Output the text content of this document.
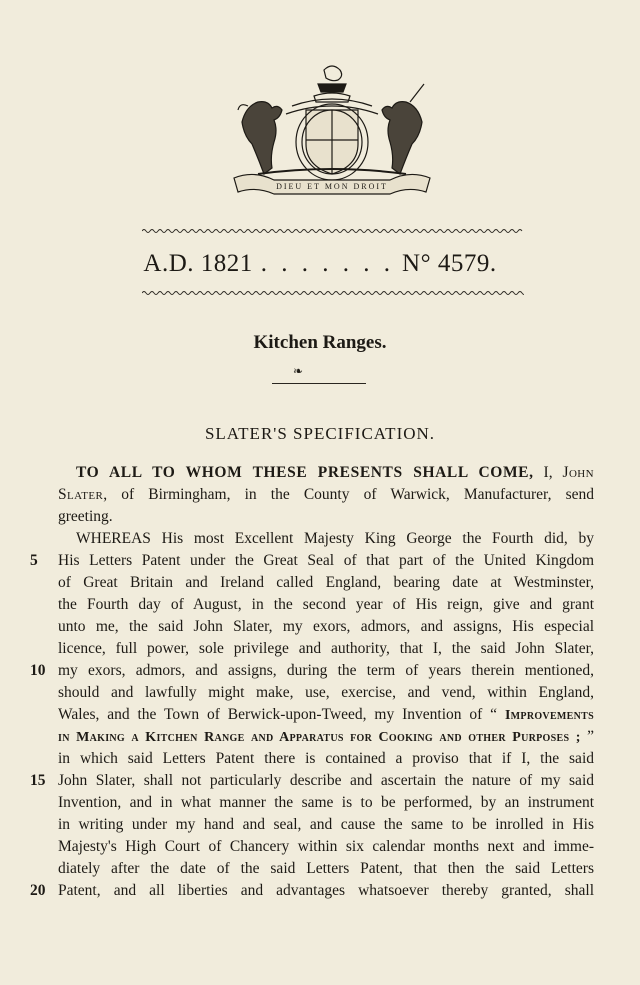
DIEU ET MON DROIT
A.D. 1821 . . . . . . . N° 4579.
Kitchen Ranges.
❧
SLATER'S SPECIFICATION.
5
10
15
20
TO ALL TO WHOM THESE PRESENTS SHALL COME, I, John
Slater, of Birmingham, in the County of Warwick, Manufacturer, send
greeting.
WHEREAS His most Excellent Majesty King George the Fourth did, by
His Letters Patent under the Great Seal of that part of the United Kingdom
of Great Britain and Ireland called England, bearing date at Westminster,
the Fourth day of August, in the second year of His reign, give and grant
unto me, the said John Slater, my exors, admors, and assigns, His especial
licence, full power, sole privilege and authority, that I, the said John Slater,
my exors, admors, and assigns, during the term of years therein mentioned,
should and lawfully might make, use, exercise, and vend, within England,
Wales, and the Town of Berwick-upon-Tweed, my Invention of “ Improvements
in Making a Kitchen Range and Apparatus for Cooking and other Purposes ; ”
in which said Letters Patent there is contained a proviso that if I, the said
John Slater, shall not particularly describe and ascertain the nature of my said
Invention, and in what manner the same is to be performed, by an instrument
in writing under my hand and seal, and cause the same to be inrolled in His
Majesty's High Court of Chancery within six calendar months next and imme-
diately after the date of the said Letters Patent, that then the said Letters
Patent, and all liberties and advantages whatsoever thereby granted, shall
